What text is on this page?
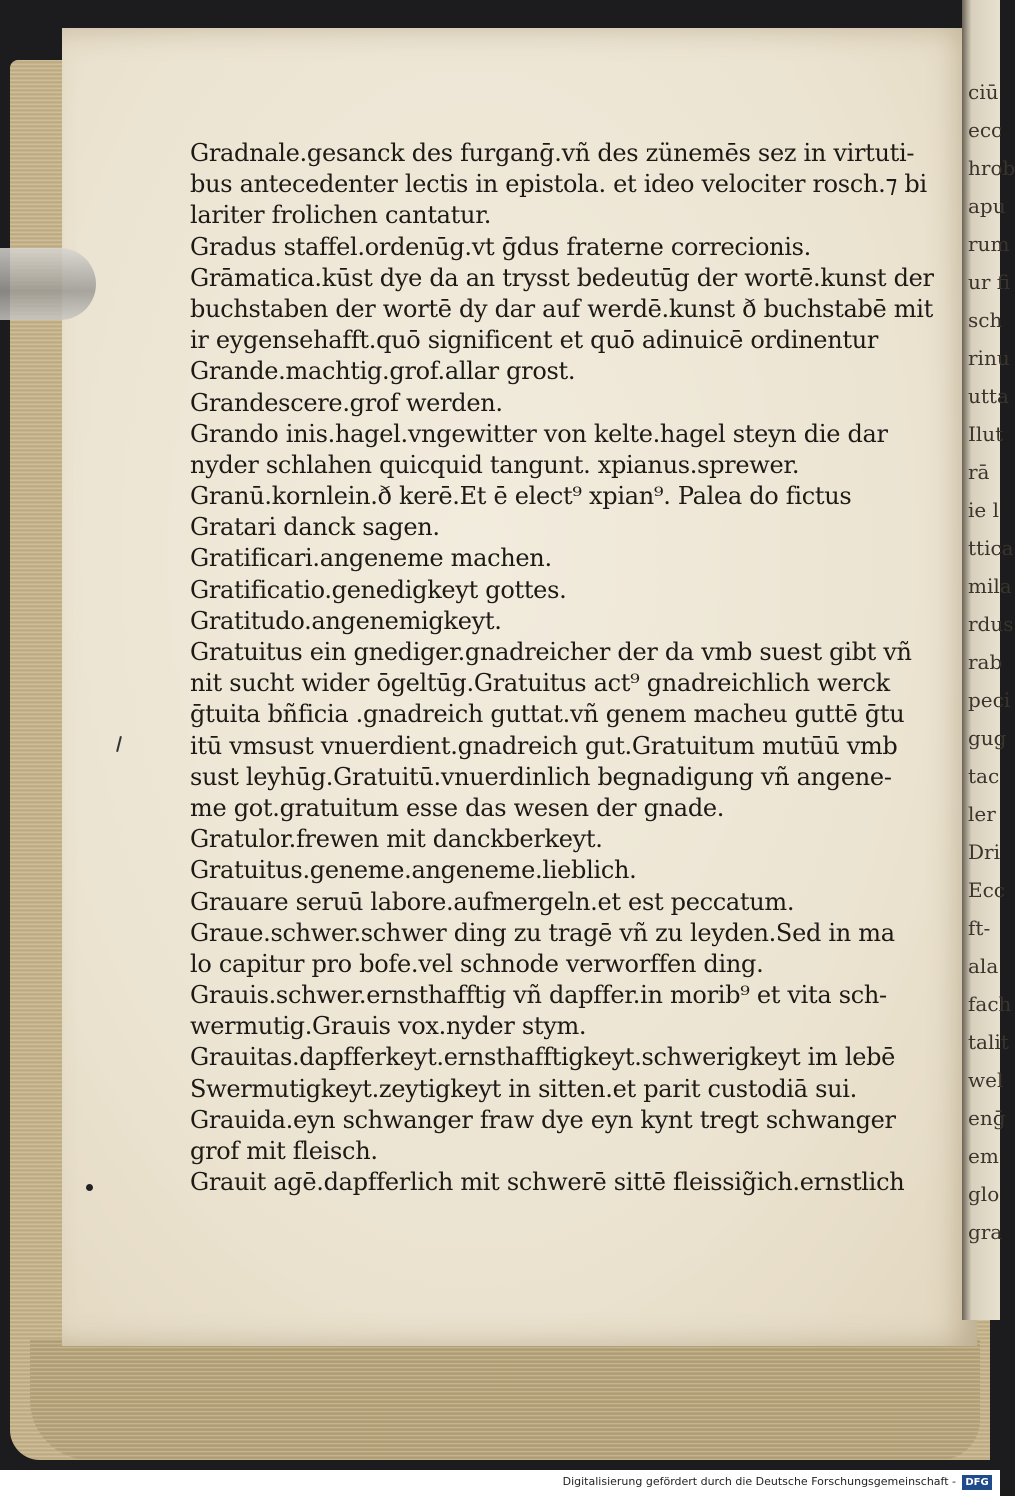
ciū
ecc
hrob
apu
rum
ur fi
sch
rinu
utta
Ilut
rā
ie l
ttica
mila
rdus
rab
peci
gug
tac
ler
Dri
Ecc
ft-
ala
fach
talit
wel
enḡ
em
glo
gra
Gradnale.gesanck des furganḡ.vñ des zünemēs sez in virtuti-
bus antecedenter lectis in epistola. et ideo velociter rosch.⁊ bi
lariter frolichen cantatur.
Gradus staffel.ordenūg.vt ḡdus fraterne correcionis.
Grāmatica.kūst dye da an trysst bedeutūg der wortē.kunst der
buchstaben der wortē dy dar auf werdē.kunst ð buchstabē mit
ir eygensehafft.quō significent et quō adinuicē ordinentur
Grande.machtig.grof.allar grost.
Grandescere.grof werden.
Grando inis.hagel.vngewitter von kelte.hagel steyn die dar
nyder schlahen quicquid tangunt. xpianus.sprewer.
Granū.kornlein.ð kerē.Et ē elect⁹ xpian⁹. Palea do fictus
Gratari danck sagen.
Gratificari.angeneme machen.
Gratificatio.genedigkeyt gottes.
Gratitudo.angenemigkeyt.
Gratuitus ein gnediger.gnadreicher der da vmb suest gibt vñ
nit sucht wider ōgeltūg.Gratuitus act⁹ gnadreichlich werck
ḡtuita bñficia .gnadreich guttat.vñ genem macheu guttē ḡtu
itū vmsust vnuerdient.gnadreich gut.Gratuitum mutūū vmb
sust leyhūg.Gratuitū.vnuerdinlich begnadigung vñ angene-
me got.gratuitum esse das wesen der gnade.
Gratulor.frewen mit danckberkeyt.
Gratuitus.geneme.angeneme.lieblich.
Grauare seruū labore.aufmergeln.et est peccatum.
Graue.schwer.schwer ding zu tragē vñ zu leyden.Sed in ma
lo capitur pro bofe.vel schnode verworffen ding.
Grauis.schwer.ernsthafftig vñ dapffer.in morib⁹ et vita sch-
wermutig.Grauis vox.nyder stym.
Grauitas.dapfferkeyt.ernsthafftigkeyt.schwerigkeyt im lebē
Swermutigkeyt.zeytigkeyt in sitten.et parit custodiā sui.
Grauida.eyn schwanger fraw dye eyn kynt tregt schwanger
grof mit fleisch.
Grauit agē.dapfferlich mit schwerē sittē fleissig̃ich.ernstlich
Digitalisierung gefördert durch die Deutsche Forschungsgemeinschaft - DFG
